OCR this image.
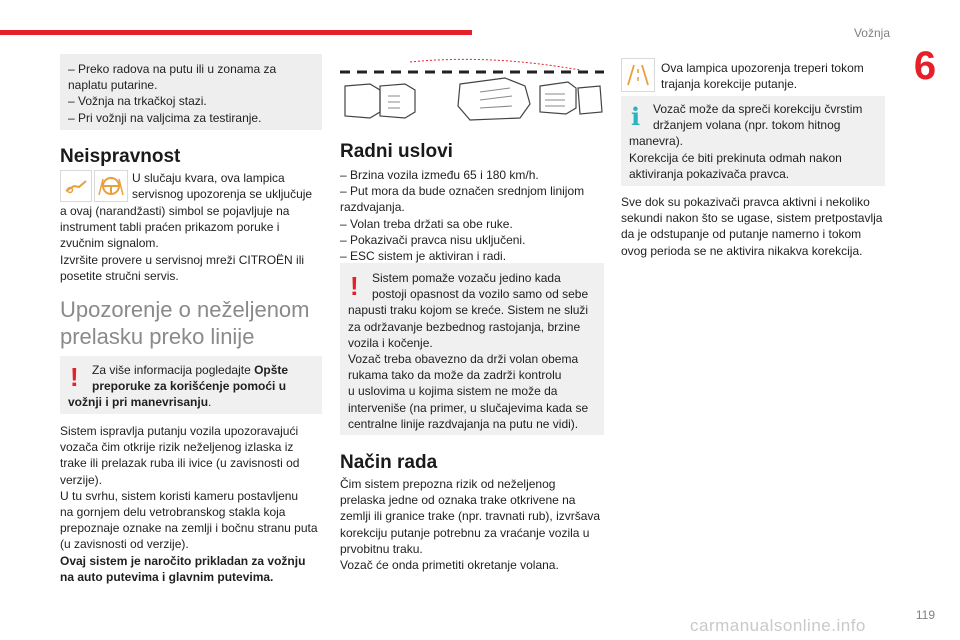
Vožnja
6
119

– Preko radova na putu ili u zonama za

naplatu putarine.

– Vožnja na trkačkoj stazi.

– Pri vožnji na valjcima za testiranje.

Neispravnost

U slučaju kvara, ova lampica

servisnog upozorenja se uključuje

a ovaj (narandžasti) simbol se pojavljuje na

instrument tabli praćen prikazom poruke i

zvučnim signalom.

Izvršite provere u servisnoj mreži CITROËN ili

posetite stručni servis.

Upozorenje o neželjenom

prelasku preko linije

! Za više informacija pogledajte Opšte

preporuke za korišćenje pomoći u

vožnji i pri manevrisanju.

Sistem ispravlja putanju vozila upozoravajući

vozača čim otkrije rizik neželjenog izlaska iz

trake ili prelazak ruba ili ivice (u zavisnosti od

verzije).

U tu svrhu, sistem koristi kameru postavljenu

na gornjem delu vetrobranskog stakla koja

prepoznaje oznake na zemlji i bočnu stranu puta

(u zavisnosti od verzije).

Ovaj sistem je naročito prikladan za vožnju

na auto putevima i glavnim putevima.

Radni uslovi

– Brzina vozila između 65 i 180 km/h.

– Put mora da bude označen srednjom linijom

razdvajanja.

– Volan treba držati sa obe ruke.

– Pokazivači pravca nisu uključeni.

– ESC sistem je aktiviran i radi.

! Sistem pomaže vozaču jedino kada

postoji opasnost da vozilo samo od sebe

napusti traku kojom se kreće. Sistem ne služi

za održavanje bezbednog rastojanja, brzine

vozila i kočenje.

Vozač treba obavezno da drži volan obema

rukama tako da može da zadrži kontrolu

u uslovima u kojima sistem ne može da

interveniše (na primer, u slučajevima kada se

centralne linije razdvajanja na putu ne vidi).

Način rada

Čim sistem prepozna rizik od neželjenog

prelaska jedne od oznaka trake otkrivene na

zemlji ili granice trake (npr. travnati rub), izvršava

korekciju putanje potrebnu za vraćanje vozila u

prvobitnu traku.

Vozač će onda primetiti okretanje volana.

Ova lampica upozorenja treperi tokom

trajanja korekcije putanje.

i Vozač može da spreči korekciju čvrstim

držanjem volana (npr. tokom hitnog

manevra).

Korekcija će biti prekinuta odmah nakon

aktiviranja pokazivača pravca.

Sve dok su pokazivači pravca aktivni i nekoliko

sekundi nakon što se ugase, sistem pretpostavlja

da je odstupanje od putanje namerno i tokom

ovog perioda se ne aktivira nikakva korekcija.

carmanualsonline.info
